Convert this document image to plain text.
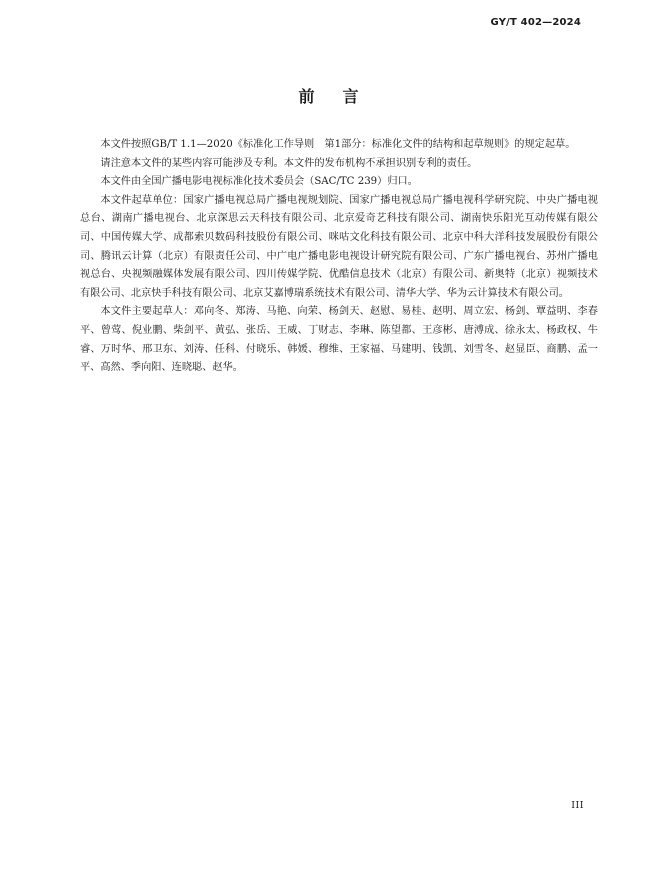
GY/T 402—2024
前言

本文件按照GB/T 1.1—2020《标准化工作导则　第1部分：标准化文件的结构和起草规则》的规定起草。

请注意本文件的某些内容可能涉及专利。本文件的发布机构不承担识别专利的责任。

本文件由全国广播电影电视标准化技术委员会（SAC/TC 239）归口。

本文件起草单位：国家广播电视总局广播电视规划院、国家广播电视总局广播电视科学研究院、中央广播电视总台、湖南广播电视台、北京深思云天科技有限公司、北京爱奇艺科技有限公司、湖南快乐阳光互动传媒有限公司、中国传媒大学、成都索贝数码科技股份有限公司、咪咕文化科技有限公司、北京中科大洋科技发展股份有限公司、腾讯云计算（北京）有限责任公司、中广电广播电影电视设计研究院有限公司、广东广播电视台、苏州广播电视总台、央视频融媒体发展有限公司、四川传媒学院、优酷信息技术（北京）有限公司、新奥特（北京）视频技术有限公司、北京快手科技有限公司、北京艾嘉博瑞系统技术有限公司、清华大学、华为云计算技术有限公司。

本文件主要起草人：邓向冬、郑涛、马艳、向荣、杨剑天、赵慰、易桂、赵明、周立宏、杨剑、覃益明、李春平、曾莺、倪业鹏、柴剑平、黄弘、张岳、王威、丁财志、李琳、陈望都、王彦彬、唐溥成、徐永太、杨政权、牛睿、万时华、邢卫东、刘涛、任科、付晓乐、韩媛、穆维、王家福、马建明、钱凯、刘雪冬、赵显臣、商鹏、孟一平、高然、季向阳、连晓聪、赵华。

III
